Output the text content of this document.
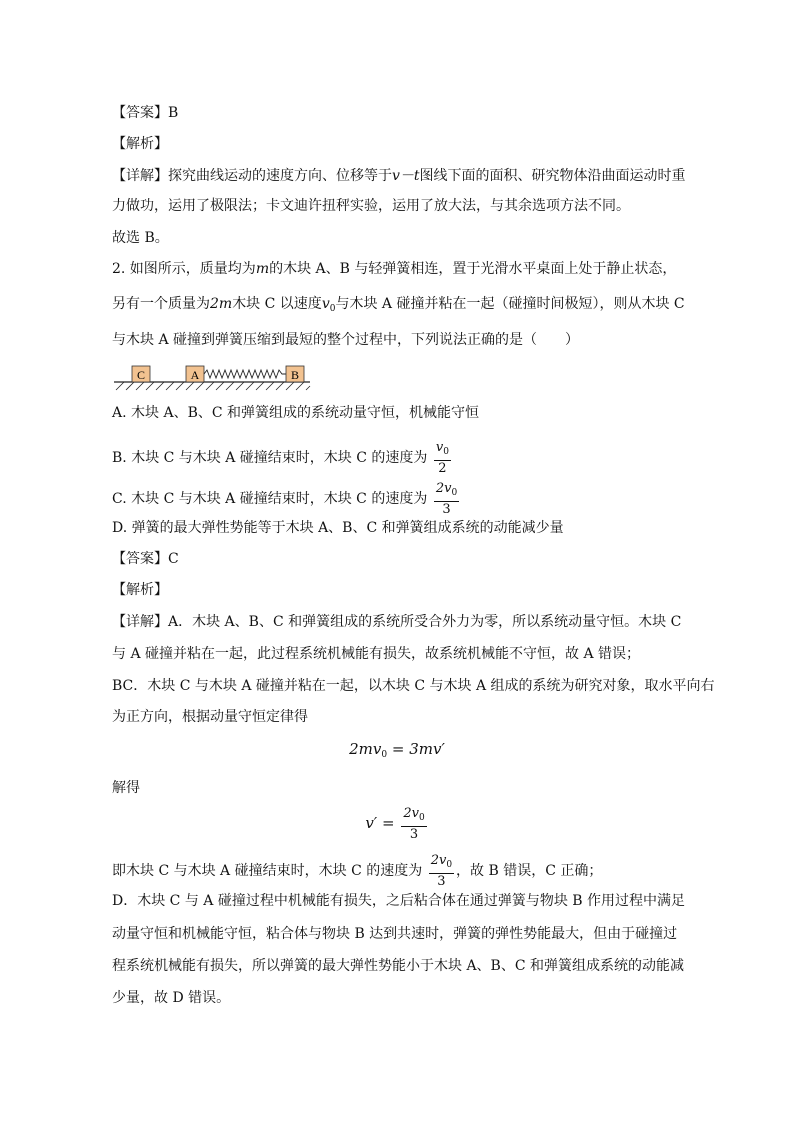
【答案】B
【解析】
【详解】探究曲线运动的速度方向、位移等于v－t图线下面的面积、研究物体沿曲面运动时重
力做功，运用了极限法；卡文迪许扭秤实验，运用了放大法，与其余选项方法不同。
故选 B。
2. 如图所示，质量均为m的木块 A、B 与轻弹簧相连，置于光滑水平桌面上处于静止状态，
另有一个质量为2m木块 C 以速度$v_0$与木块 A 碰撞并粘在一起（碰撞时间极短），则从木块 C
与木块 A 碰撞到弹簧压缩到最短的整个过程中，下列说法正确的是（　　）
C	A	B
A. 木块 A、B、C 和弹簧组成的系统动量守恒，机械能守恒
B. 木块 C 与木块 A 碰撞结束时，木块 C 的速度为 $\frac{v_0}{2}$
C. 木块 C 与木块 A 碰撞结束时，木块 C 的速度为 $\frac{2v_0}{3}$
D. 弹簧的最大弹性势能等于木块 A、B、C 和弹簧组成系统的动能减少量
【答案】C
【解析】
【详解】A．木块 A、B、C 和弹簧组成的系统所受合外力为零，所以系统动量守恒。木块 C
与 A 碰撞并粘在一起，此过程系统机械能有损失，故系统机械能不守恒，故 A 错误；
BC．木块 C 与木块 A 碰撞并粘在一起，以木块 C 与木块 A 组成的系统为研究对象，取水平向右
为正方向，根据动量守恒定律得
$2mv_0 = 3mv'$
解得
$v' = \frac{2v_0}{3}$
即木块 C 与木块 A 碰撞结束时，木块 C 的速度为 $\frac{2v_0}{3}$ ，故 B 错误，C 正确；
D．木块 C 与 A 碰撞过程中机械能有损失，之后粘合体在通过弹簧与物块 B 作用过程中满足
动量守恒和机械能守恒，粘合体与物块 B 达到共速时，弹簧的弹性势能最大，但由于碰撞过
程系统机械能有损失，所以弹簧的最大弹性势能小于木块 A、B、C 和弹簧组成系统的动能减
少量，故 D 错误。
